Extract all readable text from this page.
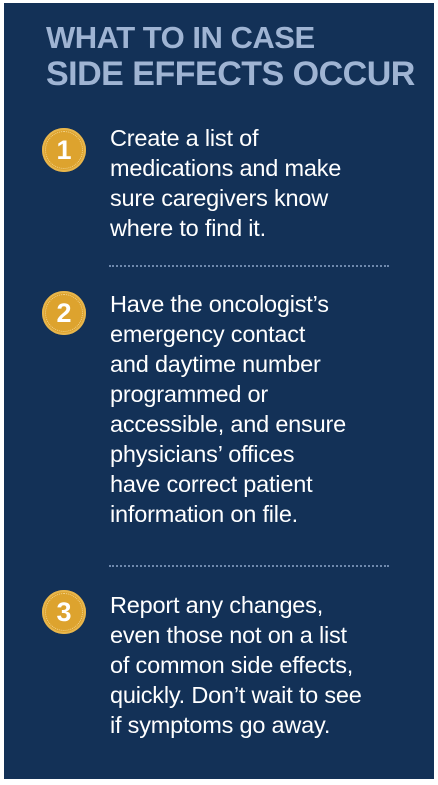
WHAT TO IN CASE
SIDE EFFECTS OCCUR
1 Create a list of
medications and make
sure caregivers know
where to find it.
2 Have the oncologist’s
emergency contact
and daytime number
programmed or
accessible, and ensure
physicians’ offices
have correct patient
information on file.
3 Report any changes,
even those not on a list
of common side effects,
quickly. Don’t wait to see
if symptoms go away.
